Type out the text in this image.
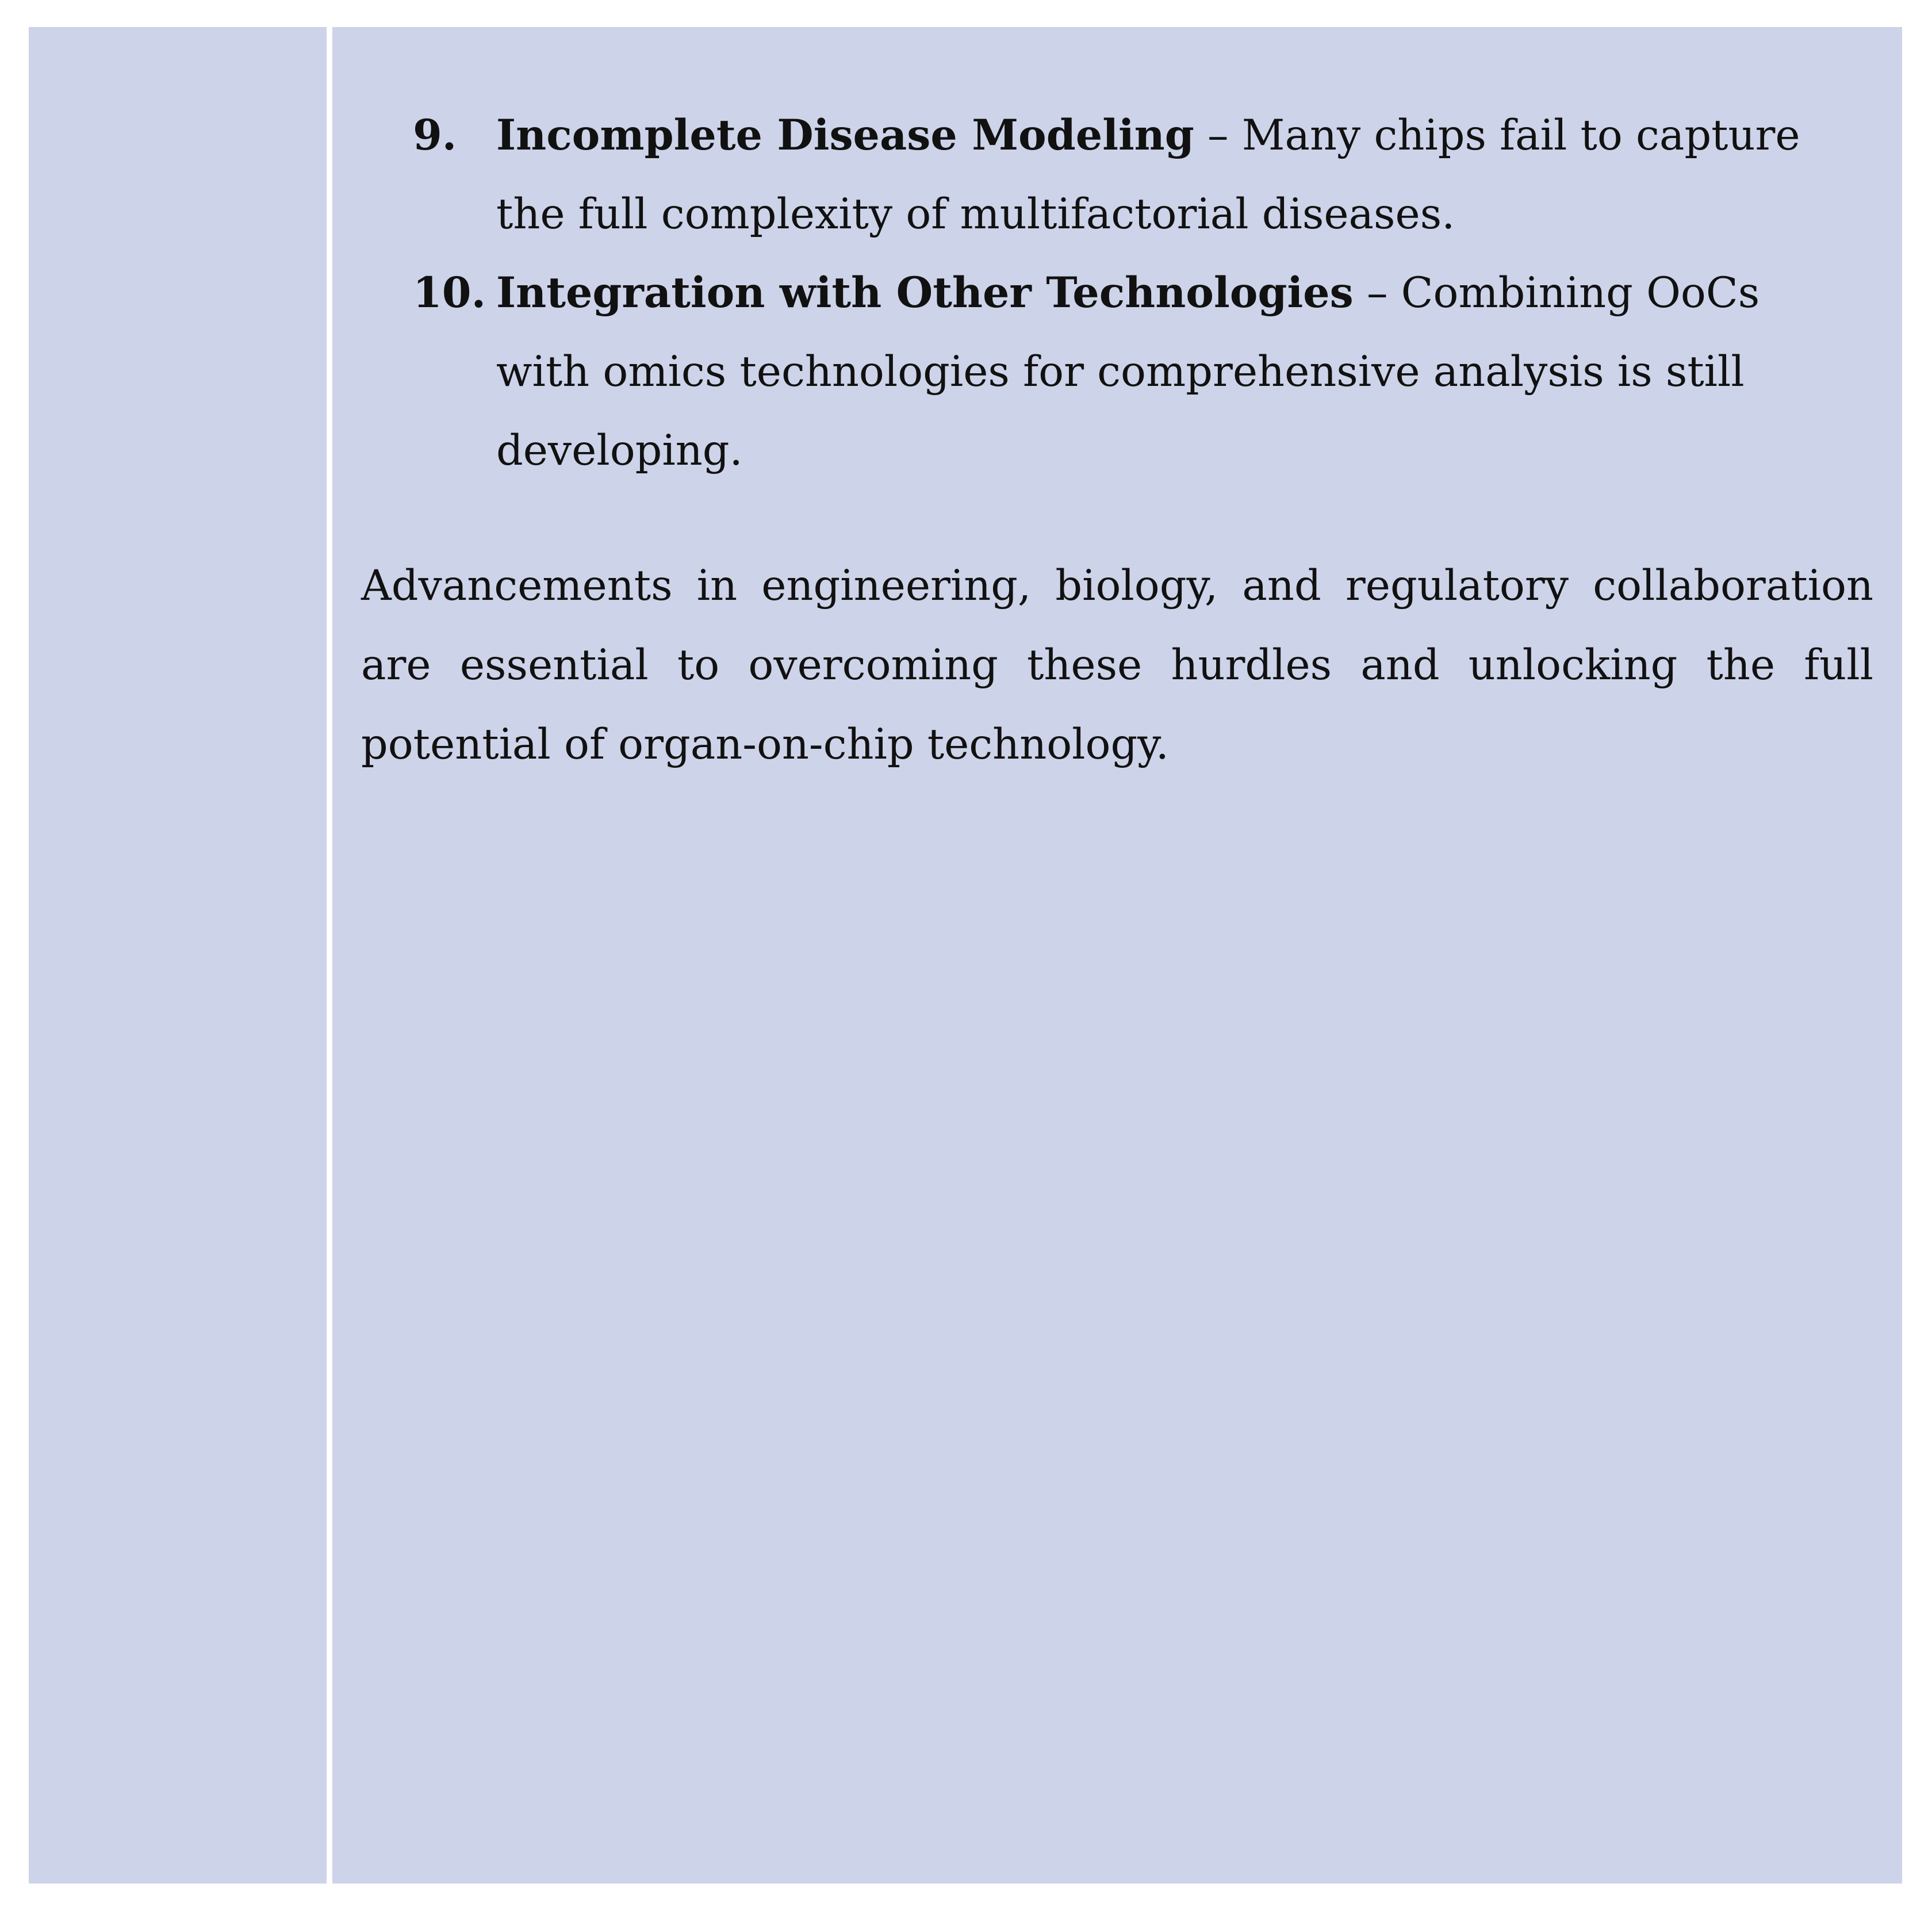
9. Incomplete Disease Modeling – Many chips fail to capture the full complexity of multifactorial diseases.
10. Integration with Other Technologies – Combining OoCs with omics technologies for comprehensive analysis is still developing.

Advancements in engineering, biology, and regulatory collaboration are essential to overcoming these hurdles and unlocking the full potential of organ-on-chip technology.
